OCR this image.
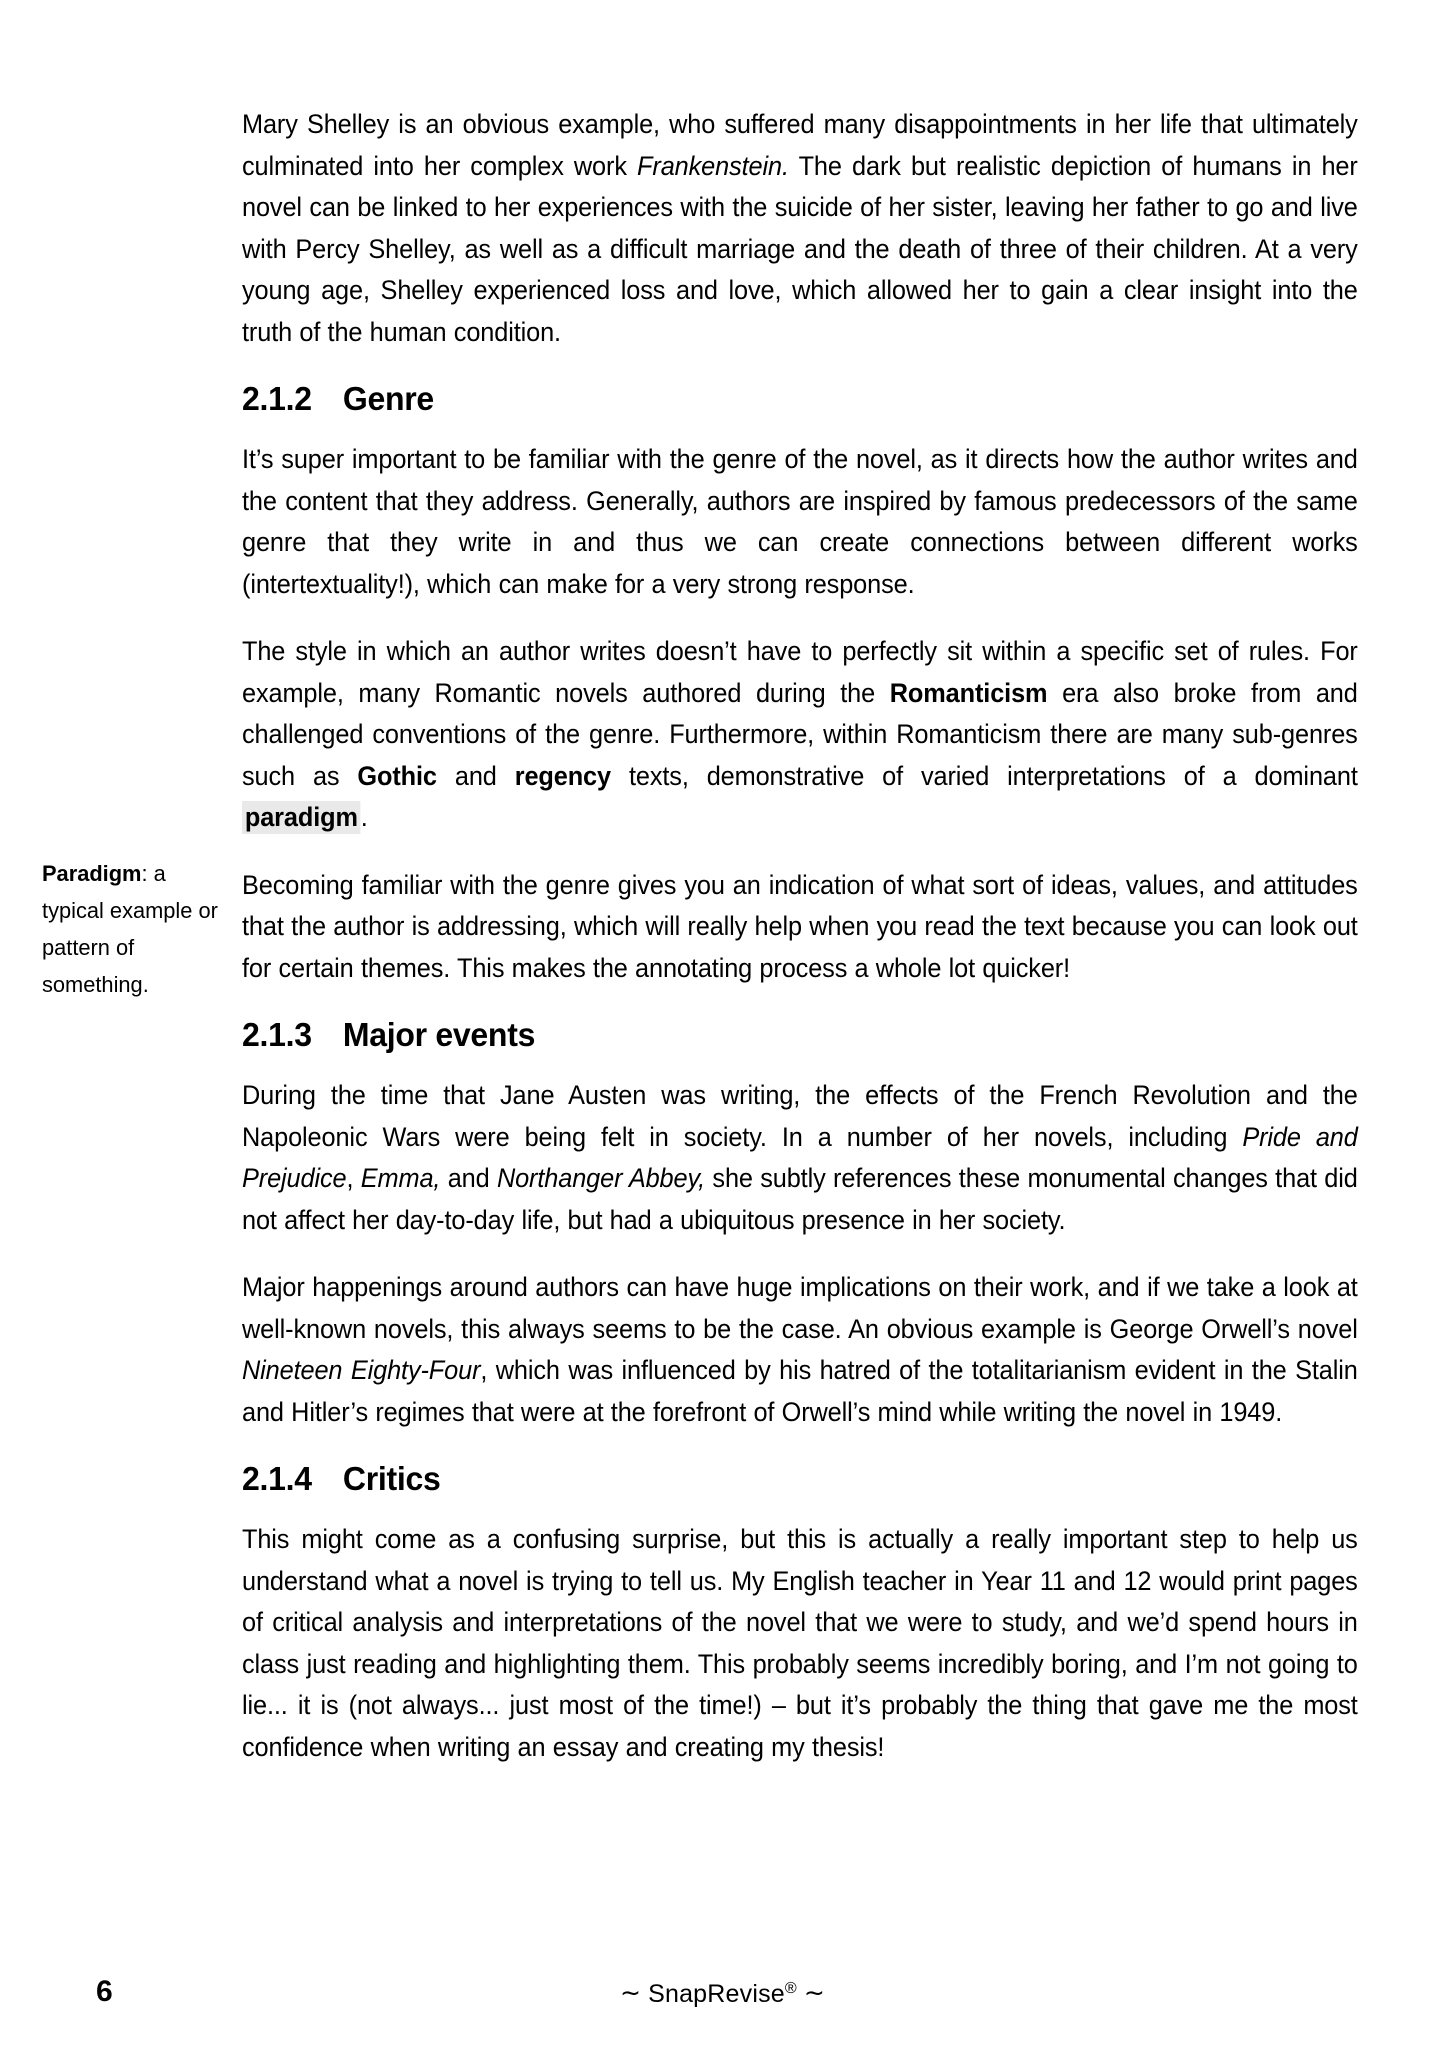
Paradigm: a typical example or pattern of something.

Mary Shelley is an obvious example, who suffered many disappointments in her life that ultimately culminated into her complex work Frankenstein. The dark but realistic depiction of humans in her novel can be linked to her experiences with the suicide of her sister, leaving her father to go and live with Percy Shelley, as well as a difficult marriage and the death of three of their children. At a very young age, Shelley experienced loss and love, which allowed her to gain a clear insight into the truth of the human condition.

2.1.2 Genre

It’s super important to be familiar with the genre of the novel, as it directs how the author writes and the content that they address. Generally, authors are inspired by famous predecessors of the same genre that they write in and thus we can create connections between different works (intertextuality!), which can make for a very strong response.

The style in which an author writes doesn’t have to perfectly sit within a specific set of rules. For example, many Romantic novels authored during the Romanticism era also broke from and challenged conventions of the genre. Furthermore, within Romanticism there are many sub-genres such as Gothic and regency texts, demonstrative of varied interpretations of a dominant paradigm .

Becoming familiar with the genre gives you an indication of what sort of ideas, values, and attitudes that the author is addressing, which will really help when you read the text because you can look out for certain themes. This makes the annotating process a whole lot quicker!

2.1.3 Major events

During the time that Jane Austen was writing, the effects of the French Revolution and the Napoleonic Wars were being felt in society. In a number of her novels, including Pride and Prejudice, Emma, and Northanger Abbey, she subtly references these monumental changes that did not affect her day-to-day life, but had a ubiquitous presence in her society.

Major happenings around authors can have huge implications on their work, and if we take a look at well-known novels, this always seems to be the case. An obvious example is George Orwell’s novel Nineteen Eighty-Four, which was influenced by his hatred of the totalitarianism evident in the Stalin and Hitler’s regimes that were at the forefront of Orwell’s mind while writing the novel in 1949.

2.1.4 Critics

This might come as a confusing surprise, but this is actually a really important step to help us understand what a novel is trying to tell us. My English teacher in Year 11 and 12 would print pages of critical analysis and interpretations of the novel that we were to study, and we’d spend hours in class just reading and highlighting them. This probably seems incredibly boring, and I’m not going to lie... it is (not always... just most of the time!) – but it’s probably the thing that gave me the most confidence when writing an essay and creating my thesis!

6	∼ SnapRevise® ∼
